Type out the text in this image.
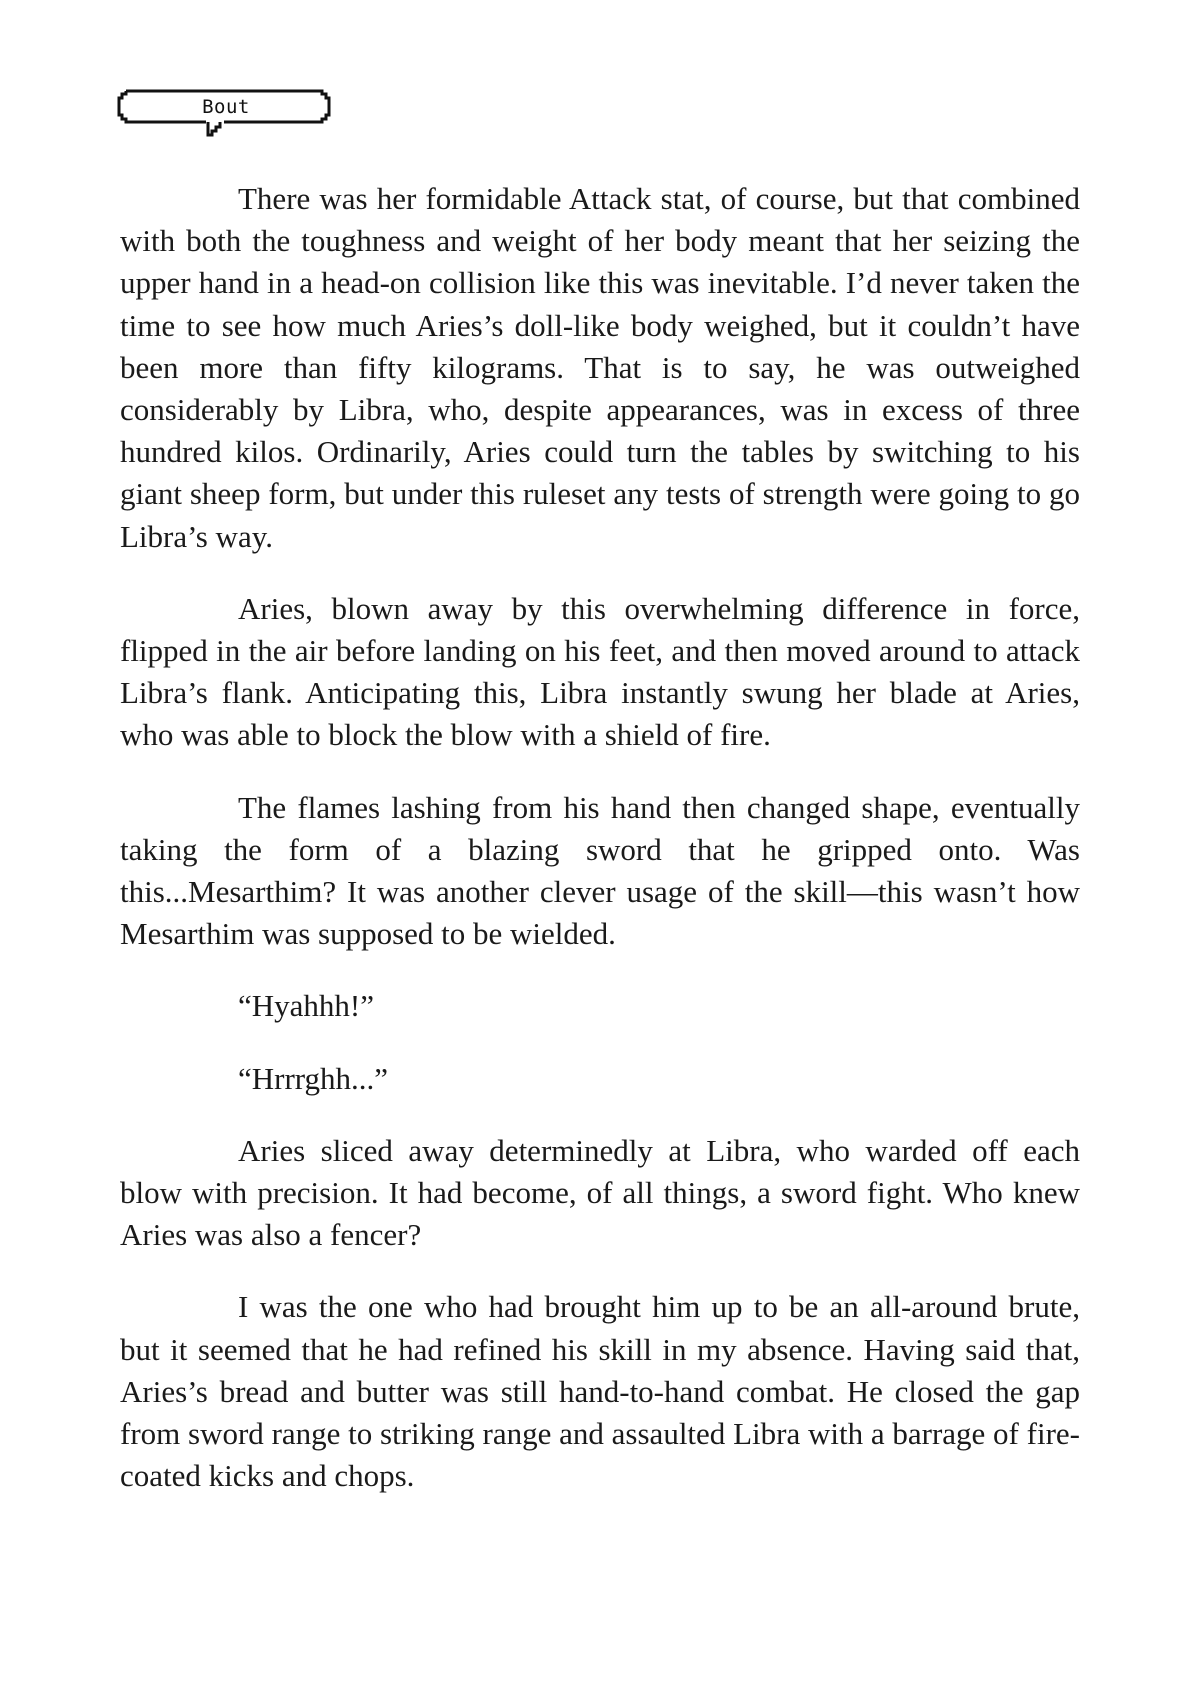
Bout

There was her formidable Attack stat, of course, but that combined with both the toughness and weight of her body meant that her seizing the upper hand in a head-on collision like this was inevitable. I’d never taken the time to see how much Aries’s doll-like body weighed, but it couldn’t have been more than fifty kilograms. That is to say, he was outweighed considerably by Libra, who, despite appearances, was in excess of three hundred kilos. Ordinarily, Aries could turn the tables by switching to his giant sheep form, but under this ruleset any tests of strength were going to go Libra’s way.

Aries, blown away by this overwhelming difference in force, flipped in the air before landing on his feet, and then moved around to attack Libra’s flank. Anticipating this, Libra instantly swung her blade at Aries, who was able to block the blow with a shield of fire.

The flames lashing from his hand then changed shape, eventually taking the form of a blazing sword that he gripped onto. Was this...Mesarthim? It was another clever usage of the skill—this wasn’t how Mesarthim was supposed to be wielded.

“Hyahhh!”

“Hrrrghh...”

Aries sliced away determinedly at Libra, who warded off each blow with precision. It had become, of all things, a sword fight. Who knew Aries was also a fencer?

I was the one who had brought him up to be an all-around brute, but it seemed that he had refined his skill in my absence. Having said that, Aries’s bread and butter was still hand-to-hand combat. He closed the gap from sword range to striking range and assaulted Libra with a barrage of fire-coated kicks and chops.
